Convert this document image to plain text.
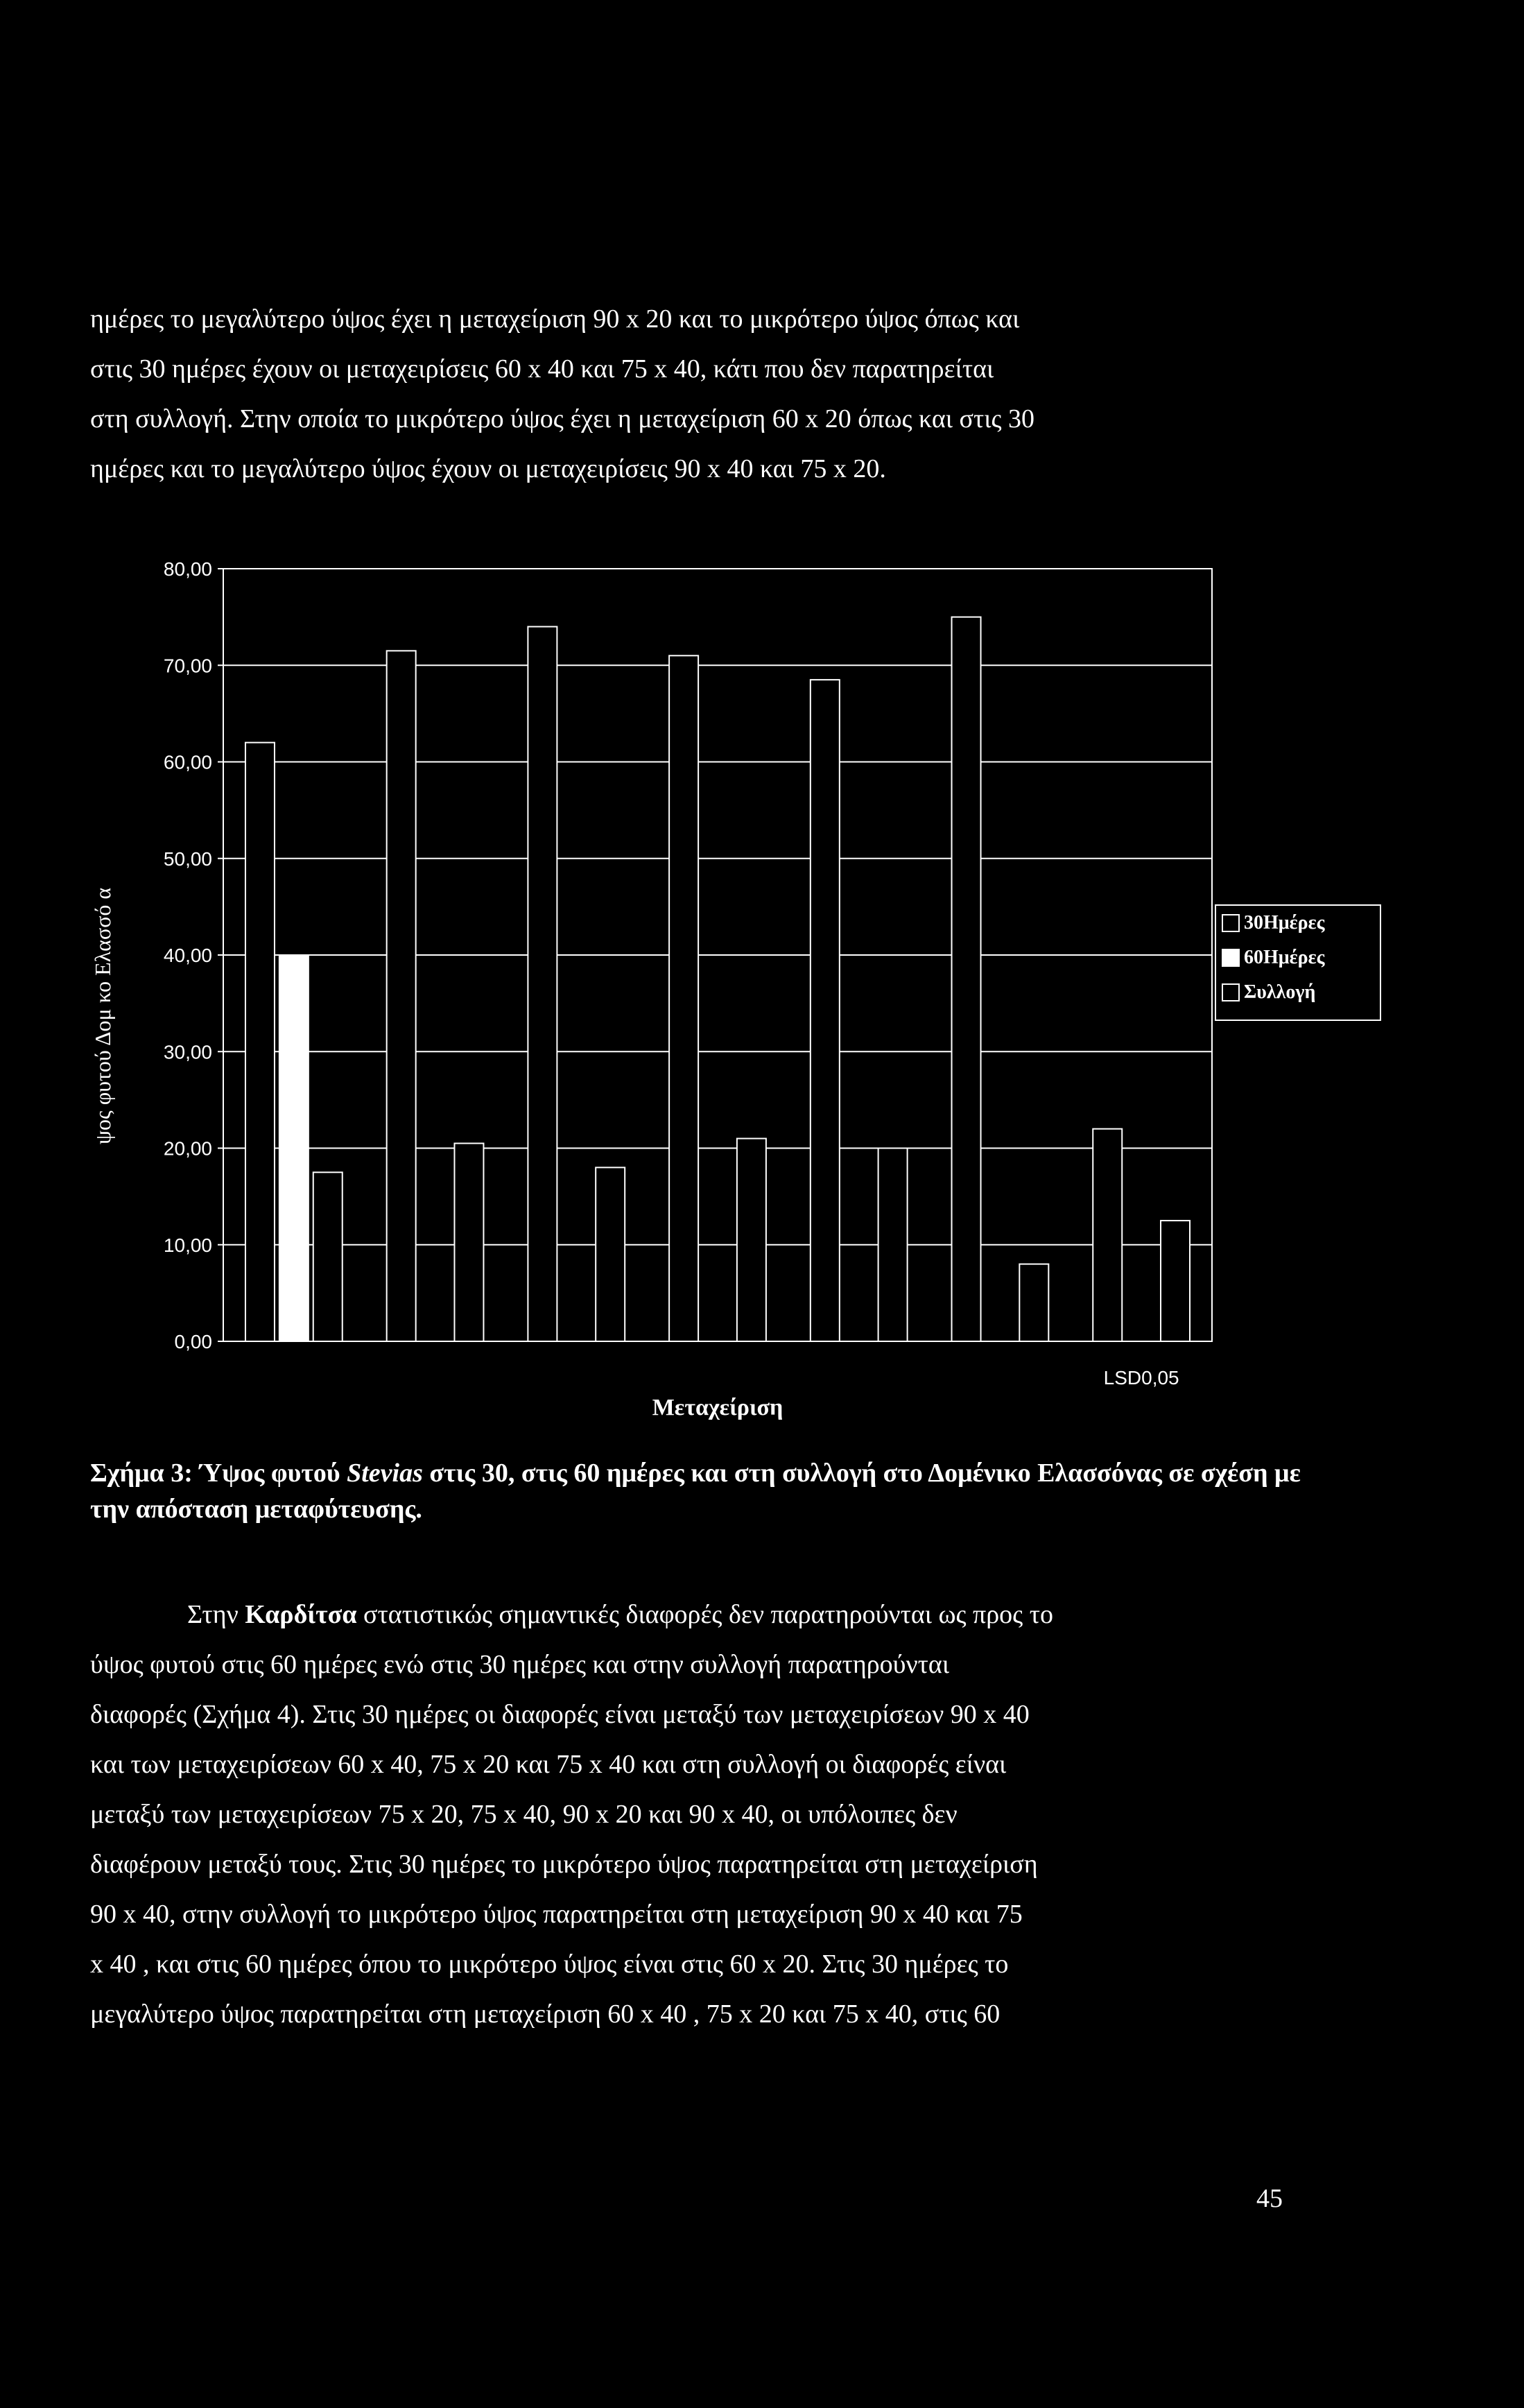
ημέρες το μεγαλύτερο ύψος έχει η μεταχείριση 90 x 20 και το μικρότερο ύψος όπως και
στις 30 ημέρες έχουν οι μεταχειρίσεις 60 x 40 και 75 x 40, κάτι που δεν παρατηρείται
στη συλλογή. Στην οποία το μικρότερο ύψος έχει η μεταχείριση 60 x 20 όπως και στις 30
ημέρες και το μεγαλύτερο ύψος έχουν οι μεταχειρίσεις 90 x 40 και 75 x 20.
0,00
10,00
20,00
30,00
40,00
50,00
60,00
70,00
80,00
LSD0,05
Μεταχείριση
ψος φυτού Δομ κο Ελασσό α	30Ημέρες
60Ημέρες
Συλλογή
Σχήμα 3: Ύψος φυτού Stevias στις 30, στις 60 ημέρες και στη συλλογή στο Δομένικο Ελασσόνας σε σχέση με την απόσταση μεταφύτευσης.
Στην Καρδίτσα στατιστικώς σημαντικές διαφορές δεν παρατηρούνται ως προς το
ύψος φυτού στις 60 ημέρες ενώ στις 30 ημέρες και στην συλλογή παρατηρούνται
διαφορές (Σχήμα 4). Στις 30 ημέρες οι διαφορές είναι μεταξύ των μεταχειρίσεων 90 x 40
και των μεταχειρίσεων 60 x 40, 75 x 20 και 75 x 40 και στη συλλογή οι διαφορές είναι
μεταξύ των μεταχειρίσεων 75 x 20, 75 x 40, 90 x 20 και 90 x 40, οι υπόλοιπες δεν
διαφέρουν μεταξύ τους. Στις 30 ημέρες το μικρότερο ύψος παρατηρείται στη μεταχείριση
90 x 40, στην συλλογή το μικρότερο ύψος παρατηρείται στη μεταχείριση 90 x 40 και 75
x 40 , και στις 60 ημέρες όπου το μικρότερο ύψος είναι στις 60 x 20. Στις 30 ημέρες το
μεγαλύτερο ύψος παρατηρείται στη μεταχείριση 60 x 40 , 75 x 20 και 75 x 40, στις 60
45
